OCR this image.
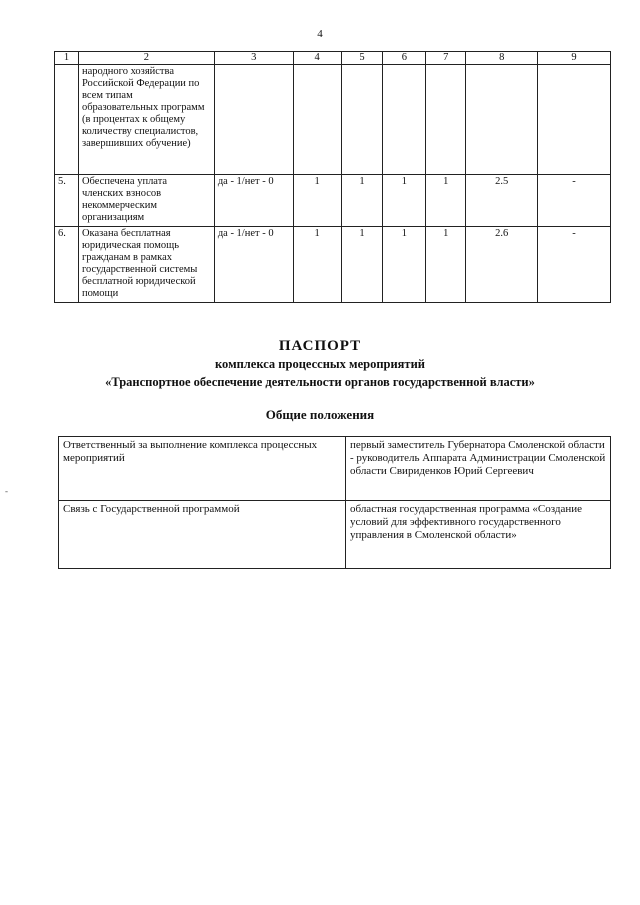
4
1	2	3	4	5	6	7	8	9
	народного хозяйства Российской Федерации по всем типам образовательных программ (в процентах к общему количеству специалистов, завершивших обучение)							
5.	Обеспечена уплата членских взносов некоммерческим организациям	да - 1/нет - 0	1	1	1	1	2.5	-
6.	Оказана бесплатная юридическая помощь гражданам в рамках государственной системы бесплатной юридической помощи	да - 1/нет - 0	1	1	1	1	2.6	-
ПАСПОРТ
комплекса процессных мероприятий
«Транспортное обеспечение деятельности органов государственной власти»
Общие положения
-
Ответственный за выполнение комплекса процессных мероприятий	первый заместитель Губернатора Смоленской области - руководитель Аппарата Администрации Смоленской области Свириденков Юрий Сергеевич
Связь с Государственной программой	областная государственная программа «Создание условий для эффективного государственного управления в Смоленской области»
